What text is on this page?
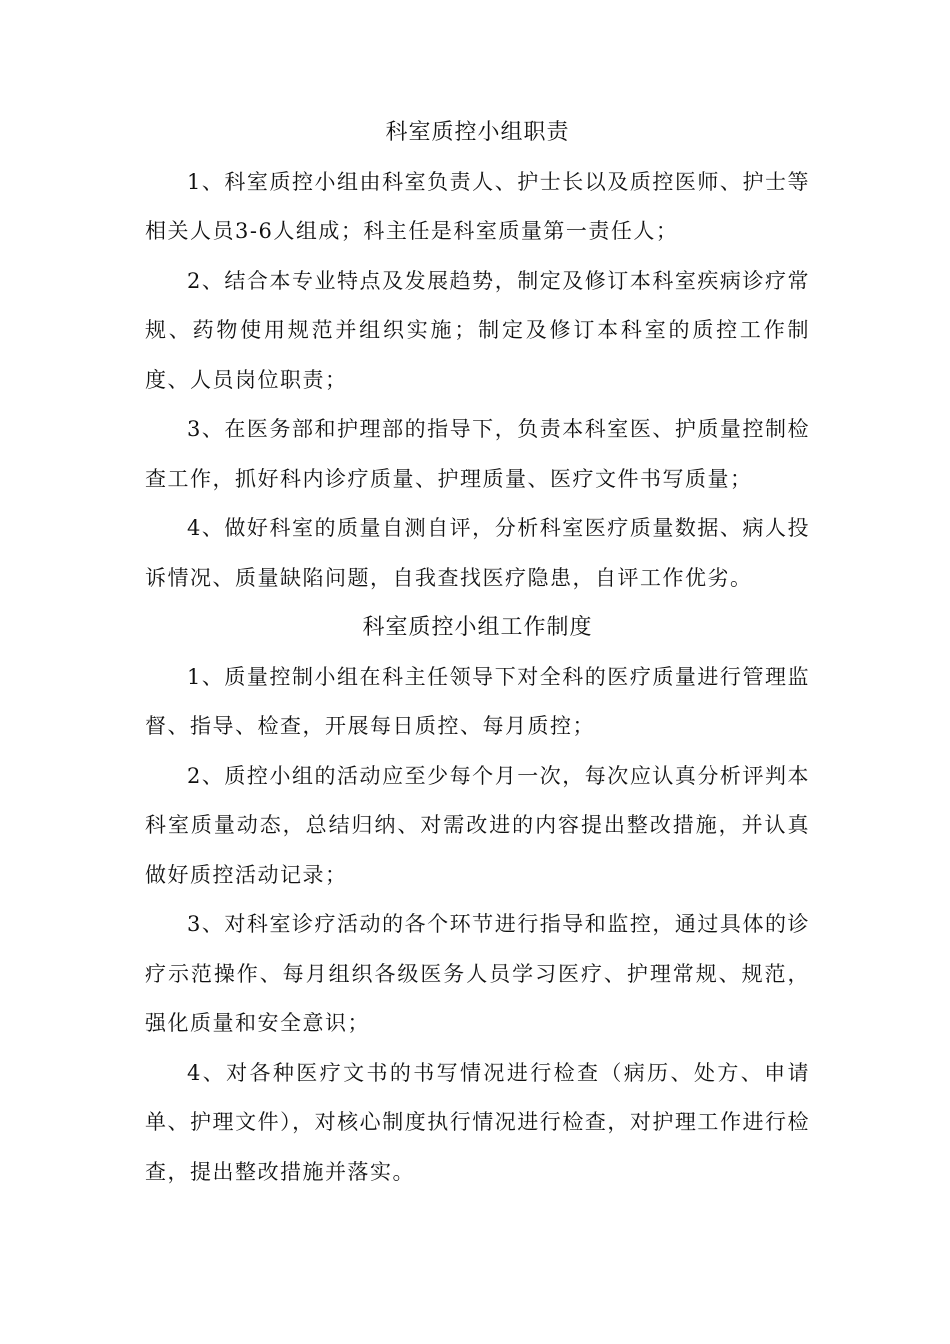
科室质控小组职责

1、科室质控小组由科室负责人、护士长以及质控医师、护士等相关人员3-6人组成；科主任是科室质量第一责任人；

2、结合本专业特点及发展趋势，制定及修订本科室疾病诊疗常规、药物使用规范并组织实施；制定及修订本科室的质控工作制度、人员岗位职责；

3、在医务部和护理部的指导下，负责本科室医、护质量控制检查工作，抓好科内诊疗质量、护理质量、医疗文件书写质量；

4、做好科室的质量自测自评，分析科室医疗质量数据、病人投诉情况、质量缺陷问题，自我查找医疗隐患，自评工作优劣。

科室质控小组工作制度

1、质量控制小组在科主任领导下对全科的医疗质量进行管理监督、指导、检查，开展每日质控、每月质控；

2、质控小组的活动应至少每个月一次，每次应认真分析评判本科室质量动态，总结归纳、对需改进的内容提出整改措施，并认真做好质控活动记录；

3、对科室诊疗活动的各个环节进行指导和监控，通过具体的诊疗示范操作、每月组织各级医务人员学习医疗、护理常规、规范，强化质量和安全意识；

4、对各种医疗文书的书写情况进行检查（病历、处方、申请　单、护理文件），对核心制度执行情况进行检查，对护理工作进行检查，提出整改措施并落实。
